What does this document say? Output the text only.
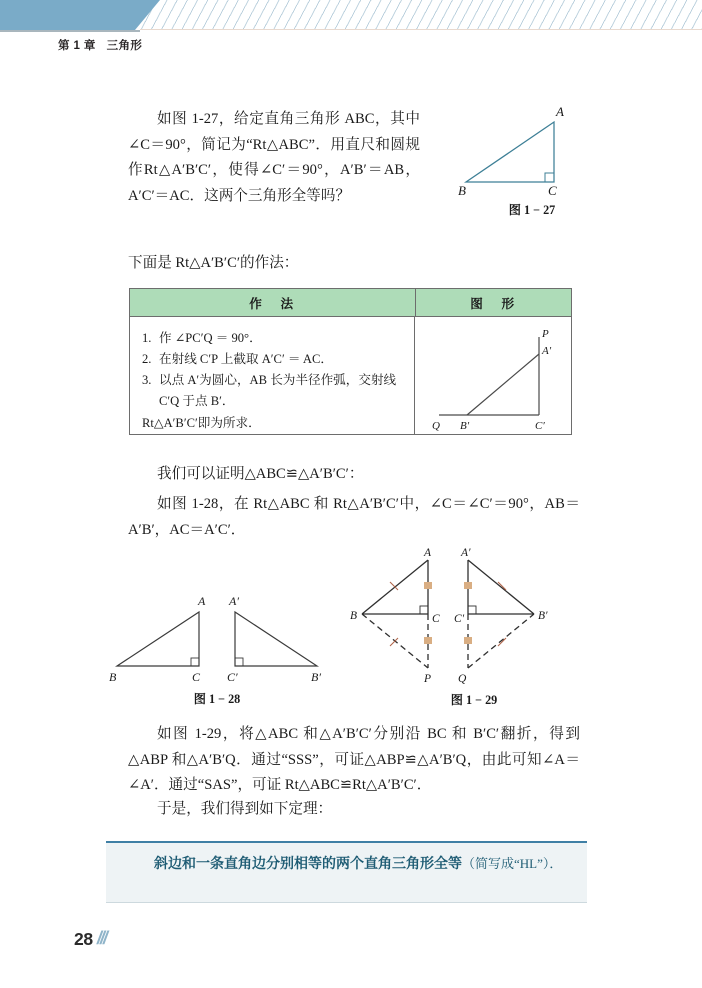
第 1 章   三角形
如图 1‑27，给定直角三角形 ABC，其中∠C＝90°，简记为“Rt△ABC”．用直尺和圆规作Rt△A′B′C′，使得∠C′＝90°，A′B′＝AB，A′C′＝AC．这两个三角形全等吗？
A
B	C
图 1 − 27
下面是 Rt△A′B′C′的作法：
作　法	图　形
1. 作 ∠PC′Q ＝ 90°．
2. 在射线 C′P 上截取 A′C′ ＝ AC．
3. 以点 A′为圆心，AB 长为半径作弧，交射线
C′Q 于点 B′．
Rt△A′B′C′即为所求．
P
A′
Q B′	C′
我们可以证明△ABC≌△A′B′C′：
如图 1‑28，在 Rt△ABC 和 Rt△A′B′C′中，∠C＝∠C′＝90°，AB＝A′B′，AC＝A′C′．
A
B	C
A′
C′	B′
图 1 − 28
A
B	C
P
A′
C′	B′
Q
图 1 − 29
如图 1‑29，将△ABC 和△A′B′C′分别沿 BC 和 B′C′翻折，得到△ABP 和△A′B′Q．通过“SSS”，可证△ABP≌△A′B′Q，由此可知∠A＝∠A′．通过“SAS”，可证 Rt△ABC≌Rt△A′B′C′．
于是，我们得到如下定理：
斜边和一条直角边分别相等的两个直角三角形全等（简写成“HL”）．
28 ///
